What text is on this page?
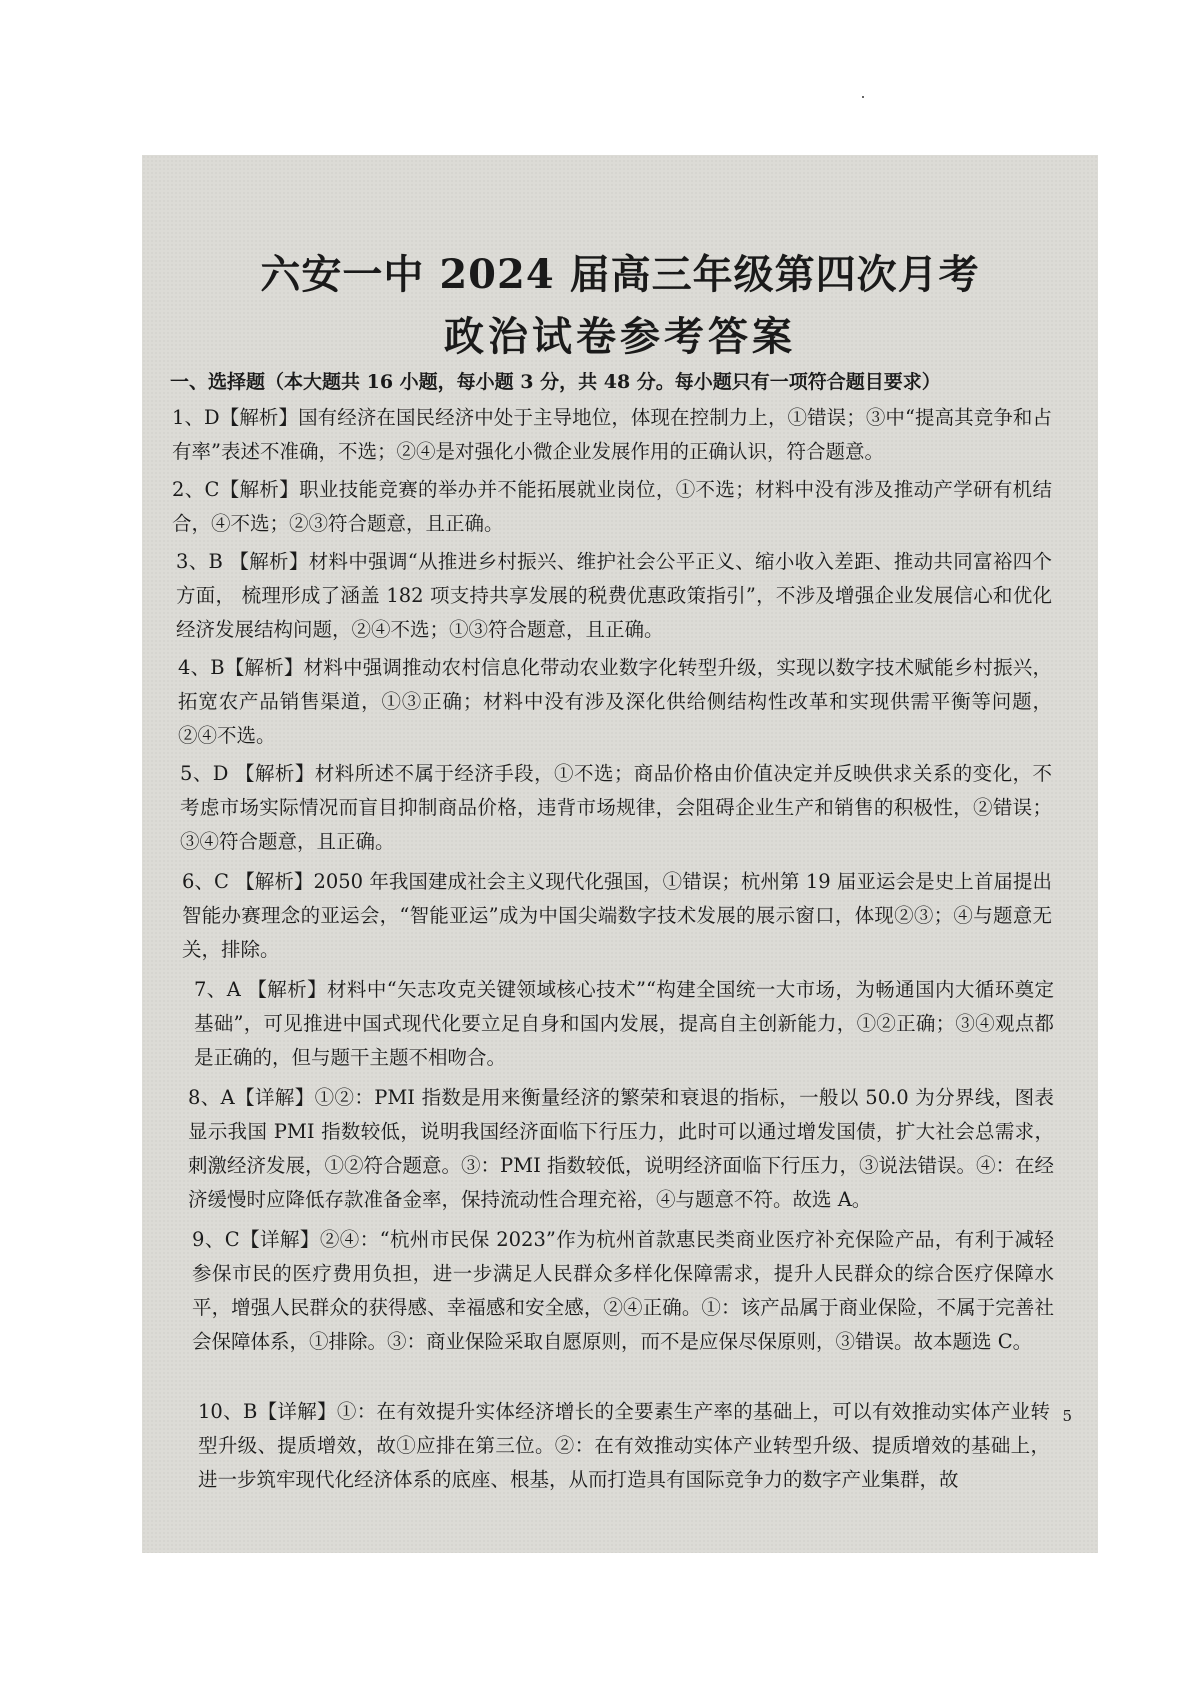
六安一中 2024 届高三年级第四次月考
政治试卷参考答案
一、选择题（本大题共 16 小题，每小题 3 分，共 48 分。每小题只有一项符合题目要求）
1、D【解析】国有经济在国民经济中处于主导地位，体现在控制力上，①错误；③中“提高其竞争和占有率”表述不准确，不选；②④是对强化小微企业发展作用的正确认识，符合题意。
2、C【解析】职业技能竞赛的举办并不能拓展就业岗位，①不选；材料中没有涉及推动产学研有机结合，④不选；②③符合题意，且正确。
3、B 【解析】材料中强调“从推进乡村振兴、维护社会公平正义、缩小收入差距、推动共同富裕四个方面， 梳理形成了涵盖 182 项支持共享发展的税费优惠政策指引”，不涉及增强企业发展信心和优化经济发展结构问题，②④不选；①③符合题意，且正确。
4、B【解析】材料中强调推动农村信息化带动农业数字化转型升级，实现以数字技术赋能乡村振兴，拓宽农产品销售渠道，①③正确；材料中没有涉及深化供给侧结构性改革和实现供需平衡等问题， ②④不选。
5、D 【解析】材料所述不属于经济手段，①不选；商品价格由价值决定并反映供求关系的变化，不考虑市场实际情况而盲目抑制商品价格，违背市场规律，会阻碍企业生产和销售的积极性，②错误；③④符合题意，且正确。
6、C 【解析】2050 年我国建成社会主义现代化强国，①错误；杭州第 19 届亚运会是史上首届提出智能办赛理念的亚运会，“智能亚运”成为中国尖端数字技术发展的展示窗口，体现②③；④与题意无关，排除。
7、A 【解析】材料中“矢志攻克关键领域核心技术”“构建全国统一大市场，为畅通国内大循环奠定基础”，可见推进中国式现代化要立足自身和国内发展，提高自主创新能力，①②正确；③④观点都是正确的，但与题干主题不相吻合。
8、A【详解】①②：PMI 指数是用来衡量经济的繁荣和衰退的指标，一般以 50.0 为分界线，图表显示我国 PMI 指数较低，说明我国经济面临下行压力，此时可以通过增发国债，扩大社会总需求，刺激经济发展，①②符合题意。③：PMI 指数较低，说明经济面临下行压力，③说法错误。④：在经济缓慢时应降低存款准备金率，保持流动性合理充裕，④与题意不符。故选 A。
9、C【详解】②④：“杭州市民保 2023”作为杭州首款惠民类商业医疗补充保险产品，有利于减轻参保市民的医疗费用负担，进一步满足人民群众多样化保障需求，提升人民群众的综合医疗保障水平，增强人民群众的获得感、幸福感和安全感，②④正确。①：该产品属于商业保险，不属于完善社会保障体系，①排除。③：商业保险采取自愿原则，而不是应保尽保原则，③错误。故本题选 C。
10、B【详解】①：在有效提升实体经济增长的全要素生产率的基础上，可以有效推动实体产业转型升级、提质增效，故①应排在第三位。②：在有效推动实体产业转型升级、提质增效的基础上，进一步筑牢现代化经济体系的底座、根基，从而打造具有国际竞争力的数字产业集群，故
5
